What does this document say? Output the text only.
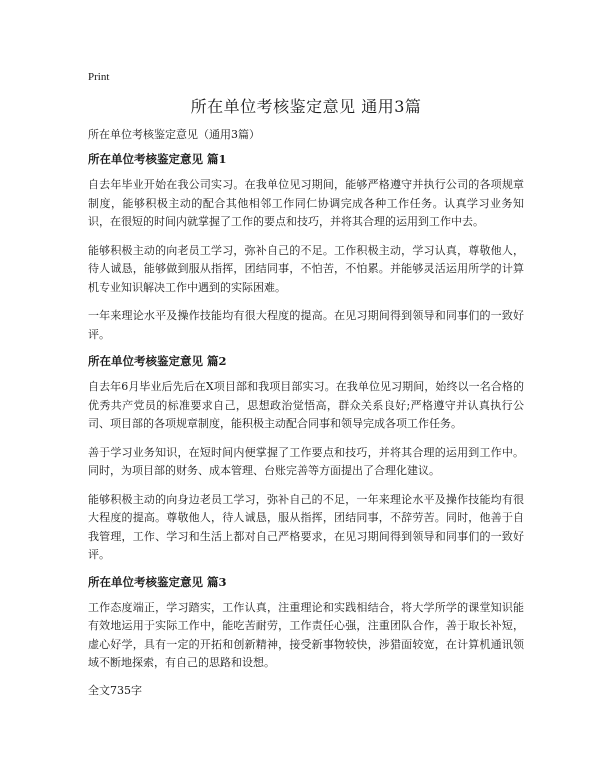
Print
所在单位考核鉴定意见 通用3篇
所在单位考核鉴定意见（通用3篇）
所在单位考核鉴定意见 篇1

自去年毕业开始在我公司实习。在我单位见习期间，能够严格遵守并执行公司的各项规章制度，能够积极主动的配合其他相邻工作同仁协调完成各种工作任务。认真学习业务知识，在很短的时间内就掌握了工作的要点和技巧，并将其合理的运用到工作中去。

能够积极主动的向老员工学习，弥补自己的不足。工作积极主动，学习认真，尊敬他人，待人诚恳，能够做到服从指挥，团结同事，不怕苦，不怕累。并能够灵活运用所学的计算机专业知识解决工作中遇到的实际困难。

一年来理论水平及操作技能均有很大程度的提高。在见习期间得到领导和同事们的一致好评。

所在单位考核鉴定意见 篇2

自去年6月毕业后先后在X项目部和我项目部实习。在我单位见习期间，始终以一名合格的优秀共产党员的标准要求自己，思想政治觉悟高，群众关系良好;严格遵守并认真执行公司、项目部的各项规章制度，能积极主动配合同事和领导完成各项工作任务。

善于学习业务知识，在短时间内便掌握了工作要点和技巧，并将其合理的运用到工作中。同时，为项目部的财务、成本管理、台账完善等方面提出了合理化建议。

能够积极主动的向身边老员工学习，弥补自己的不足，一年来理论水平及操作技能均有很大程度的提高。尊敬他人，待人诚恳，服从指挥，团结同事，不辞劳苦。同时，他善于自我管理，工作、学习和生活上都对自己严格要求，在见习期间得到领导和同事们的一致好评。

所在单位考核鉴定意见 篇3

工作态度端正，学习踏实，工作认真，注重理论和实践相结合，将大学所学的课堂知识能有效地运用于实际工作中，能吃苦耐劳，工作责任心强，注重团队合作，善于取长补短，虚心好学，具有一定的开拓和创新精神，接受新事物较快，涉猎面较宽，在计算机通讯领域不断地探索，有自己的思路和设想。

全文735字
